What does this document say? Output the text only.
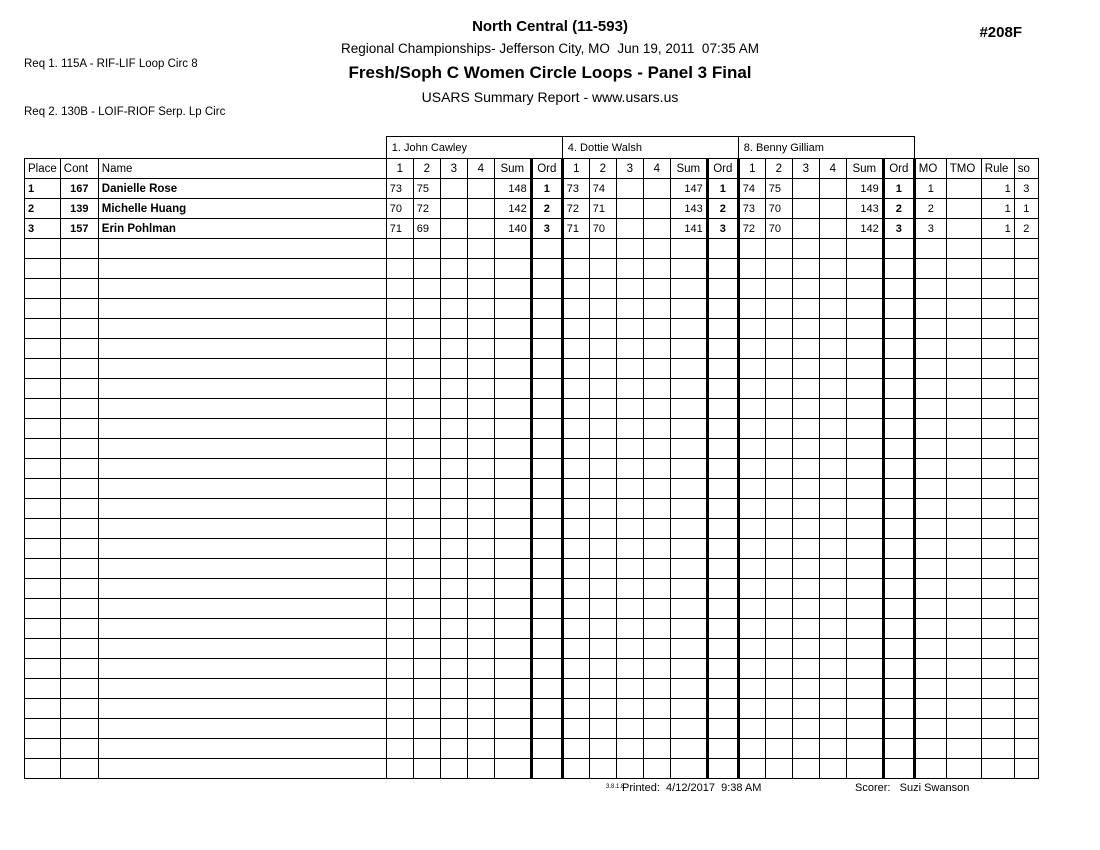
Req 1. 115A - RIF-LIF Loop Circ 8

Req 2. 130B - LOIF-RIOF Serp. Lp Circ

North Central (11-593)
Regional Championships- Jefferson City, MO  Jun 19, 2011  07:35 AM
Fresh/Soph C Women Circle Loops - Panel 3 Final
USARS Summary Report - www.usars.us
#208F
			1. John Cawley						4. Dottie Walsh						8. Benny Gilliam									
Place	Cont	Name	1	2	3	4	Sum	Ord	1	2	3	4	Sum	Ord	1	2	3	4	Sum	Ord	MO	TMO	Rule	so
1	167	Danielle Rose	73	75			148	1	73	74			147	1	74	75			149	1	1		1	3
2	139	Michelle Huang	70	72			142	2	72	71			143	2	73	70			143	2	2		1	1
3	157	Erin Pohlman	71	69			140	3	71	70			141	3	72	70			142	3	3		1	2

3.8.1.8
Printed:  4/12/2017  9:38 AM	Scorer:   Suzi Swanson
